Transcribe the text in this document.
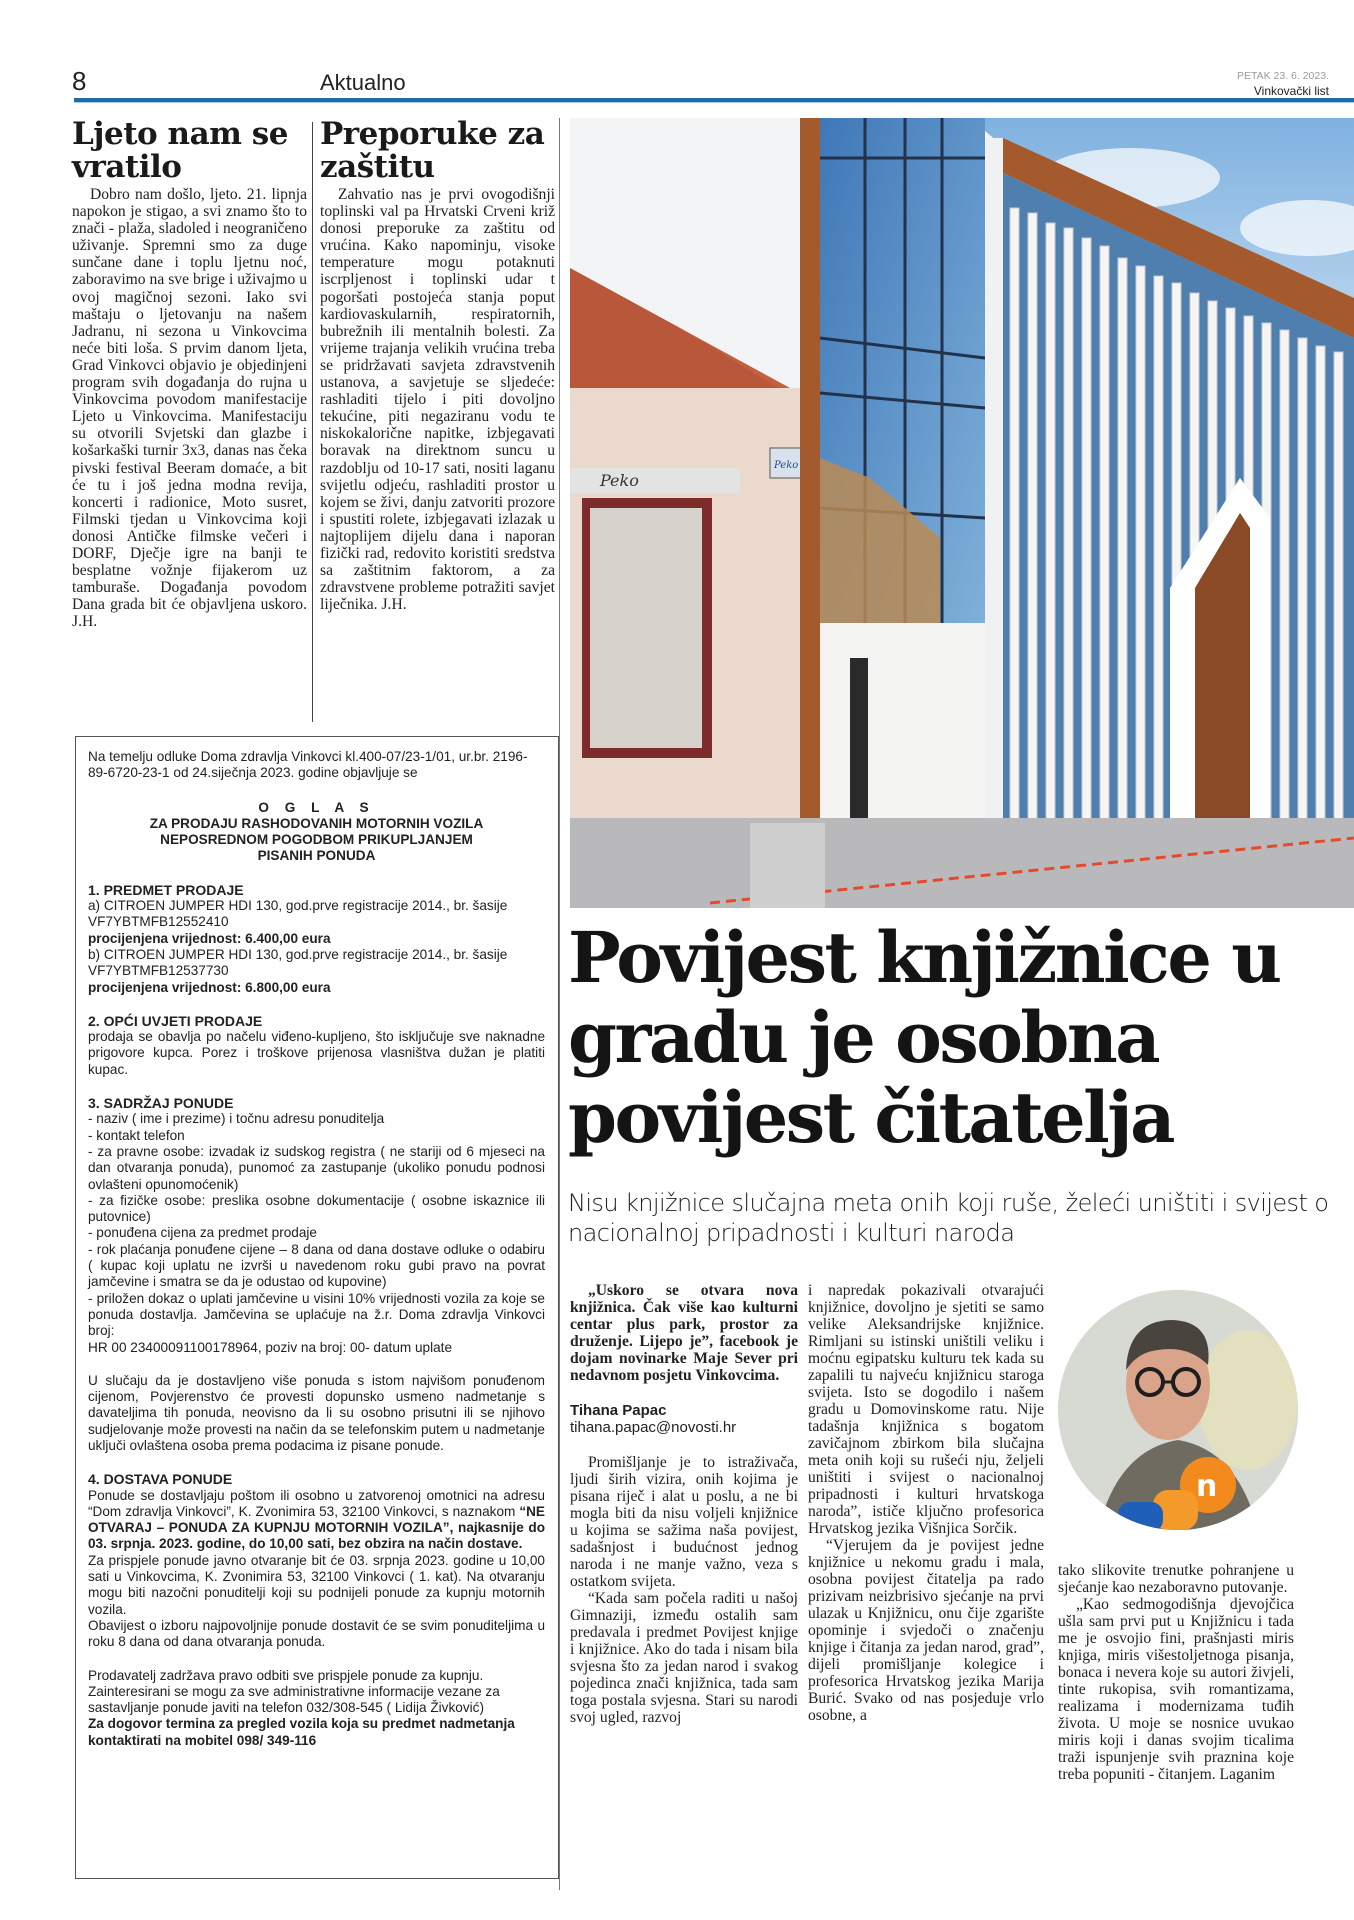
8	Aktualno	PETAK 23. 6. 2023.
Vinkovački list
Ljeto nam se vratilo

Dobro nam došlo, ljeto. 21. lipnja napokon je stigao, a svi znamo što to znači - plaža, sladoled i neograničeno uživanje. Spremni smo za duge sunčane dane i toplu ljetnu noć, zaboravimo na sve brige i uživajmo u ovoj magičnoj sezoni. Iako svi maštaju o ljetovanju na našem Jadranu, ni sezona u Vinkovcima neće biti loša. S prvim danom ljeta, Grad Vinkovci objavio je objedinjeni program svih događanja do rujna u Vinkovcima povodom manifestacije Ljeto u Vinkovcima. Manifestaciju su otvorili Svjetski dan glazbe i košarkaški turnir 3x3, danas nas čeka pivski festival Beeram domaće, a bit će tu i još jedna modna revija, koncerti i radionice, Moto susret, Filmski tjedan u Vinkovcima koji donosi Antičke filmske večeri i DORF, Dječje igre na banji te besplatne vožnje fijakerom uz tamburaše. Događanja povodom Dana grada bit će objavljena uskoro. J.H.

Preporuke za zaštitu

Zahvatio nas je prvi ovogodišnji toplinski val pa Hrvatski Crveni križ donosi preporuke za zaštitu od vrućina. Kako napominju, visoke temperature mogu potaknuti iscrpljenost i toplinski udar t pogoršati postojeća stanja poput kardiovaskularnih, respiratornih, bubrežnih ili mentalnih bolesti. Za vrijeme trajanja velikih vrućina treba se pridržavati savjeta zdravstvenih ustanova, a savjetuje se sljedeće: rashladiti tijelo i piti dovoljno tekućine, piti negaziranu vodu te niskokalorične napitke, izbjegavati boravak na direktnom suncu u razdoblju od 10-17 sati, nositi laganu svijetlu odjeću, rashladiti prostor u kojem se živi, danju zatvoriti prozore i spustiti rolete, izbjegavati izlazak u najtoplijem dijelu dana i naporan fizički rad, redovito koristiti sredstva sa zaštitnim faktorom, a za zdravstvene probleme potražiti savjet liječnika. J.H.

Na temelju odluke Doma zdravlja Vinkovci kl.400-07/23-1/01, ur.br. 2196-89-6720-23-1 od 24.siječnja 2023. godine objavljuje se
O G L A S
ZA PRODAJU RASHODOVANIH MOTORNIH VOZILA
NEPOSREDNOM POGODBOM PRIKUPLJANJEM
PISANIH PONUDA
1. PREDMET PRODAJE
a) CITROEN JUMPER HDI 130, god.prve registracije 2014., br. šasije VF7YBTMFB12552410
procijenjena vrijednost: 6.400,00 eura
b) CITROEN JUMPER HDI 130, god.prve registracije 2014., br. šasije VF7YBTMFB12537730
procijenjena vrijednost: 6.800,00 eura
2. OPĆI UVJETI PRODAJE
prodaja se obavlja po načelu viđeno-kupljeno, što isključuje sve naknadne prigovore kupca. Porez i troškove prijenosa vlasništva dužan je platiti kupac.
3. SADRŽAJ PONUDE
- naziv ( ime i prezime) i točnu adresu ponuditelja
- kontakt telefon
- za pravne osobe: izvadak iz sudskog registra ( ne stariji od 6 mjeseci na dan otvaranja ponuda), punomoć za zastupanje (ukoliko ponudu podnosi ovlašteni opunomoćenik)
- za fizičke osobe: preslika osobne dokumentacije ( osobne iskaznice ili putovnice)
- ponuđena cijena za predmet prodaje
- rok plaćanja ponuđene cijene – 8 dana od dana dostave odluke o odabiru ( kupac koji uplatu ne izvrši u navedenom roku gubi pravo na povrat jamčevine i smatra se da je odustao od kupovine)
- priložen dokaz o uplati jamčevine u visini 10% vrijednosti vozila za koje se ponuda dostavlja. Jamčevina se uplaćuje na ž.r. Doma zdravlja Vinkovci broj:
HR 00 23400091100178964, poziv na broj: 00- datum uplate
U slučaju da je dostavljeno više ponuda s istom najvišom ponuđenom cijenom, Povjerenstvo će provesti dopunsko usmeno nadmetanje s davateljima tih ponuda, neovisno da li su osobno prisutni ili se njihovo sudjelovanje može provesti na način da se telefonskim putem u nadmetanje uključi ovlaštena osoba prema podacima iz pisane ponude.
4. DOSTAVA PONUDE
Ponude se dostavljaju poštom ili osobno u zatvorenoj omotnici na adresu “Dom zdravlja Vinkovci”, K. Zvonimira 53, 32100 Vinkovci, s naznakom “NE OTVARAJ – PONUDA ZA KUPNJU MOTORNIH VOZILA”, najkasnije do 03. srpnja. 2023. godine, do 10,00 sati, bez obzira na način dostave.
Za prispjele ponude javno otvaranje bit će 03. srpnja 2023. godine u 10,00 sati u Vinkovcima, K. Zvonimira 53, 32100 Vinkovci ( 1. kat). Na otvaranju mogu biti nazočni ponuditelji koji su podnijeli ponude za kupnju motornih vozila.
Obavijest o izboru najpovoljnije ponude dostavit će se svim ponuditeljima u roku 8 dana od dana otvaranja ponuda.
Prodavatelj zadržava pravo odbiti sve prispjele ponude za kupnju.
Zainteresirani se mogu za sve administrativne informacije vezane za sastavljanje ponude javiti na telefon 032/308-545 ( Lidija Živković)
Za dogovor termina za pregled vozila koja su predmet nadmetanja kontaktirati na mobitel 098/ 349-116
Peko
Peko
Povijest knjižnice u gradu je osobna povijest čitatelja
Nisu knjižnice slučajna meta onih koji ruše, želeći uništiti i svijest o nacionalnoj pripadnosti i kulturi naroda

„Uskoro se otvara nova knjižnica. Čak više kao kulturni centar plus park, prostor za druženje. Lijepo je”, facebook je dojam novinarke Maje Sever pri nedavnom posjetu Vinkovcima.

Tihana Papac

tihana.papac@novosti.hr

Promišljanje je to istraživača, ljudi širih vizira, onih kojima je pisana riječ i alat u poslu, a ne bi mogla biti da nisu voljeli knjižnice u kojima se sažima naša povijest, sadašnjost i budućnost jednog naroda i ne manje važno, veza s ostatkom svijeta.

“Kada sam počela raditi u našoj Gimnaziji, između ostalih sam predavala i predmet Povijest knjige i knjižnice. Ako do tada i nisam bila svjesna što za jedan narod i svakog pojedinca znači knjižnica, tada sam toga postala svjesna. Stari su narodi svoj ugled, razvoj

i napredak pokazivali otvarajući knjižnice, dovoljno je sjetiti se samo velike Aleksandrijske knjižnice. Rimljani su istinski uništili veliku i moćnu egipatsku kulturu tek kada su zapalili tu najveću knjižnicu staroga svijeta. Isto se dogodilo i našem gradu u Domovinskome ratu. Nije tadašnja knjižnica s bogatom zavičajnom zbirkom bila slučajna meta onih koji su rušeći nju, željeli uništiti i svijest o nacionalnoj pripadnosti i kulturi hrvatskoga naroda”, ističe ključno profesorica Hrvatskog jezika Višnjica Sorčik.

“Vjerujem da je povijest jedne knjižnice u nekomu gradu i mala, osobna povijest čitatelja pa rado prizivam neizbrisivo sjećanje na prvi ulazak u Knjižnicu, onu čije zgarište opominje i svjedoči o značenju knjige i čitanja za jedan narod, grad”, dijeli promišljanje kolegice i profesorica Hrvatskog jezika Marija Burić. Svako od nas posjeduje vrlo osobne, a

n

tako slikovite trenutke pohranjene u sjećanje kao nezaboravno putovanje.

„Kao sedmogodišnja djevojčica ušla sam prvi put u Knjižnicu i tada me je osvojio fini, prašnjasti miris knjiga, miris višestoljetnoga pisanja, bonaca i nevera koje su autori živjeli, tinte rukopisa, svih romantizama, realizama i modernizama tuđih života. U moje se nosnice uvukao miris koji i danas svojim ticalima traži ispunjenje svih praznina koje treba popuniti - čitanjem. Laganim
